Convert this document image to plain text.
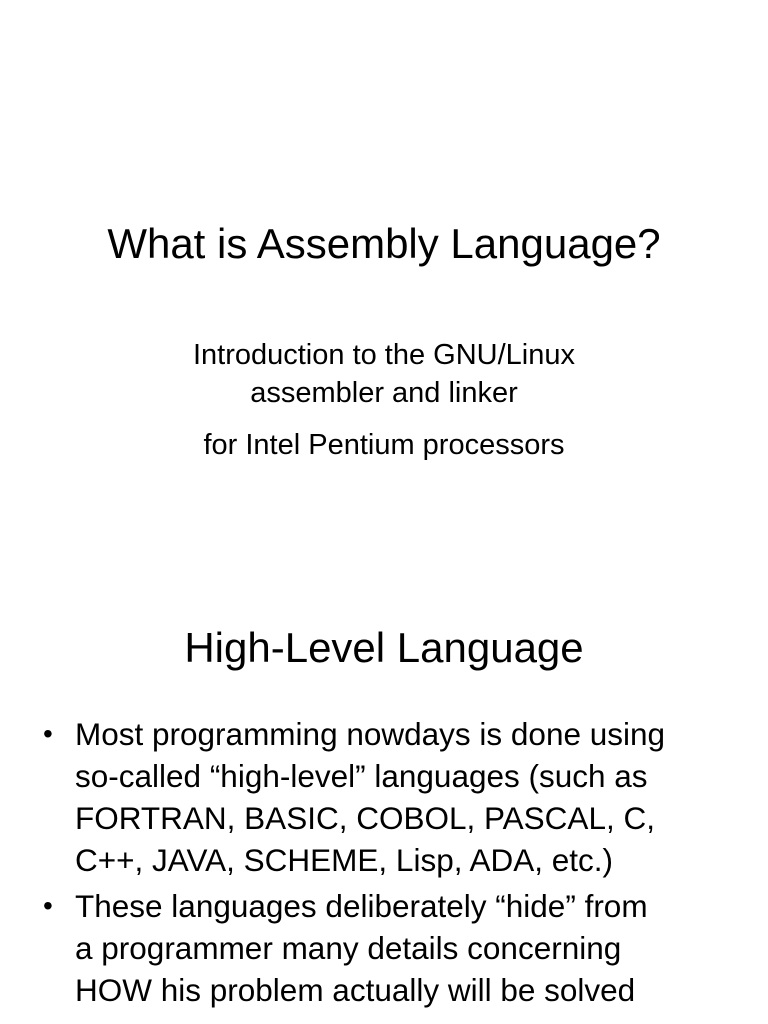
What is Assembly Language?
Introduction to the GNU/Linux
assembler and linker
for Intel Pentium processors
High-Level Language
• Most programming nowdays is done using
so-called “high-level” languages (such as
FORTRAN, BASIC, COBOL, PASCAL, C,
C++, JAVA, SCHEME, Lisp, ADA, etc.)
• These languages deliberately “hide” from
a programmer many details concerning
HOW his problem actually will be solved
